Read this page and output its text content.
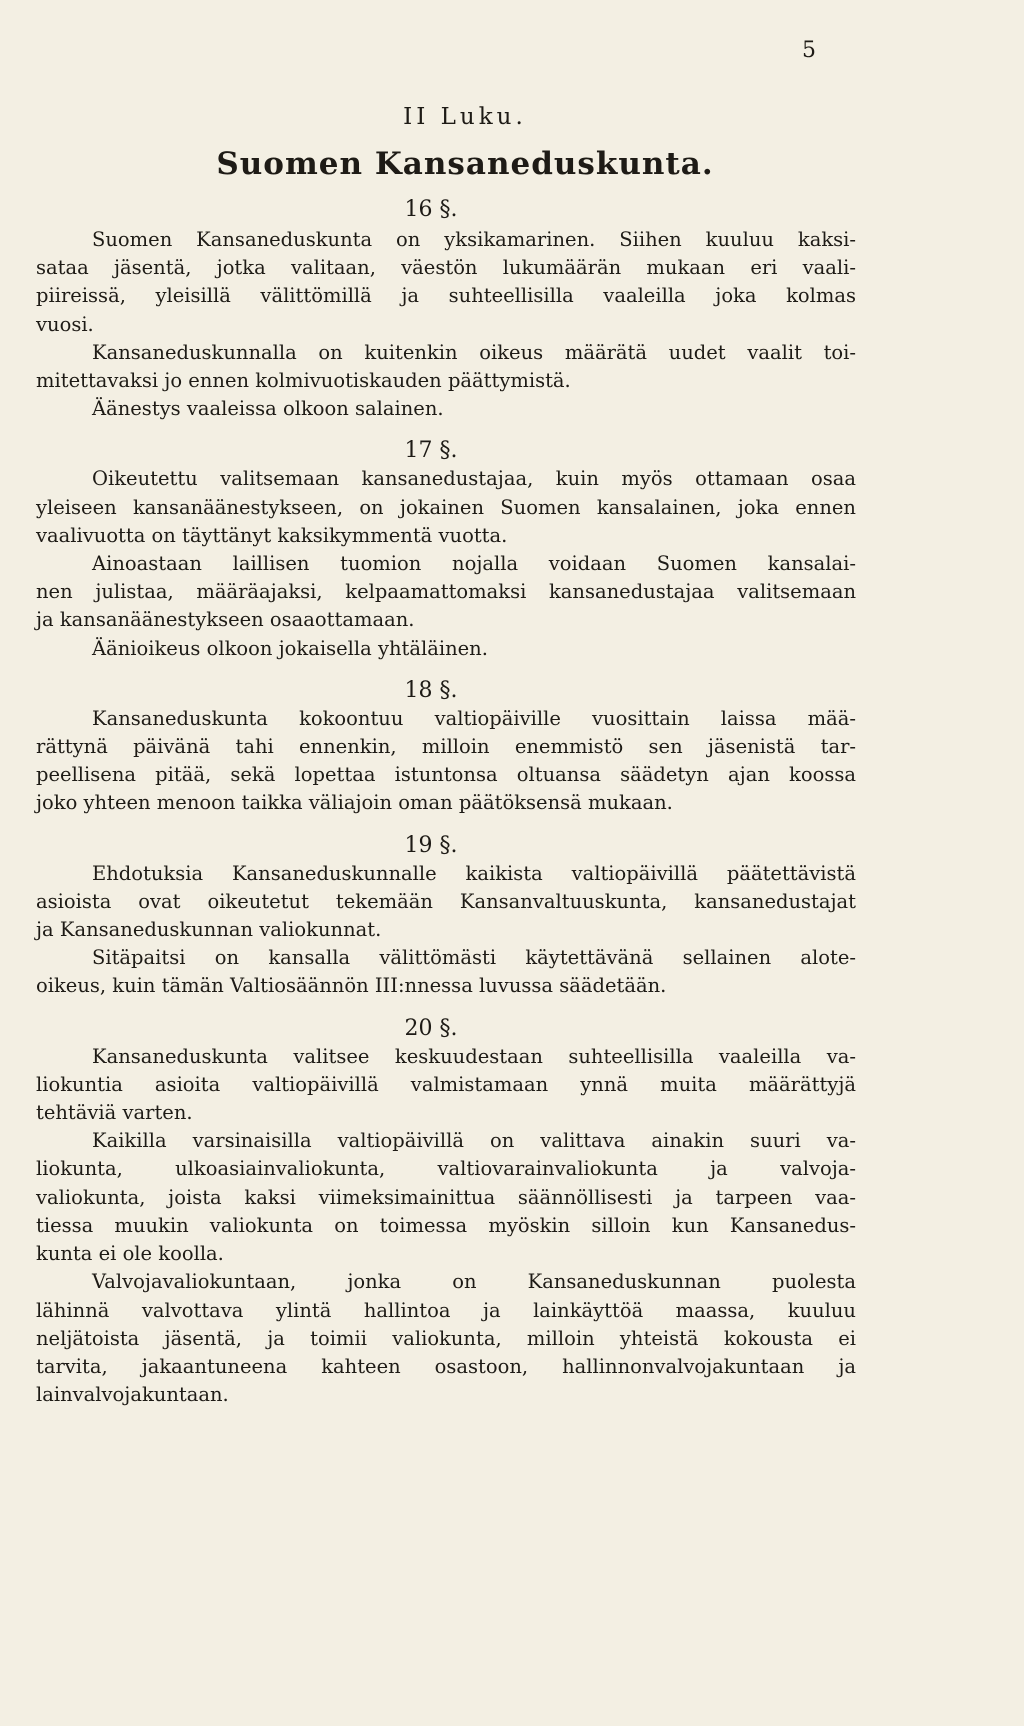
5
II Luku.
Suomen Kansaneduskunta.
16 §.
Suomen Kansaneduskunta on yksikamarinen. Siihen kuuluu kaksi-
sataa jäsentä, jotka valitaan, väestön lukumäärän mukaan eri vaali-
piireissä, yleisillä välittömillä ja suhteellisilla vaaleilla joka kolmas
vuosi.
Kansaneduskunnalla on kuitenkin oikeus määrätä uudet vaalit toi-
mitettavaksi jo ennen kolmivuotiskauden päättymistä.
Äänestys vaaleissa olkoon salainen.
17 §.
Oikeutettu valitsemaan kansanedustajaa, kuin myös ottamaan osaa
yleiseen kansanäänestykseen, on jokainen Suomen kansalainen, joka ennen
vaalivuotta on täyttänyt kaksikymmentä vuotta.
Ainoastaan laillisen tuomion nojalla voidaan Suomen kansalai-
nen julistaa, määräajaksi, kelpaamattomaksi kansanedustajaa valitsemaan
ja kansanäänestykseen osaaottamaan.
Äänioikeus olkoon jokaisella yhtäläinen.
18 §.
Kansaneduskunta kokoontuu valtiopäiville vuosittain laissa mää-
rättynä päivänä tahi ennenkin, milloin enemmistö sen jäsenistä tar-
peellisena pitää, sekä lopettaa istuntonsa oltuansa säädetyn ajan koossa
joko yhteen menoon taikka väliajoin oman päätöksensä mukaan.
19 §.
Ehdotuksia Kansaneduskunnalle kaikista valtiopäivillä päätettävistä
asioista ovat oikeutetut tekemään Kansanvaltuuskunta, kansanedustajat
ja Kansaneduskunnan valiokunnat.
Sitäpaitsi on kansalla välittömästi käytettävänä sellainen alote-
oikeus, kuin tämän Valtiosäännön III:nnessa luvussa säädetään.
20 §.
Kansaneduskunta valitsee keskuudestaan suhteellisilla vaaleilla va-
liokuntia asioita valtiopäivillä valmistamaan ynnä muita määrättyjä
tehtäviä varten.
Kaikilla varsinaisilla valtiopäivillä on valittava ainakin suuri va-
liokunta, ulkoasiainvaliokunta, valtiovarainvaliokunta ja valvoja-
valiokunta, joista kaksi viimeksimainittua säännöllisesti ja tarpeen vaa-
tiessa muukin valiokunta on toimessa myöskin silloin kun Kansanedus-
kunta ei ole koolla.
Valvojavaliokuntaan, jonka on Kansaneduskunnan puolesta
lähinnä valvottava ylintä hallintoa ja lainkäyttöä maassa, kuuluu
neljätoista jäsentä, ja toimii valiokunta, milloin yhteistä kokousta ei
tarvita, jakaantuneena kahteen osastoon, hallinnonvalvojakuntaan ja
lainvalvojakuntaan.
